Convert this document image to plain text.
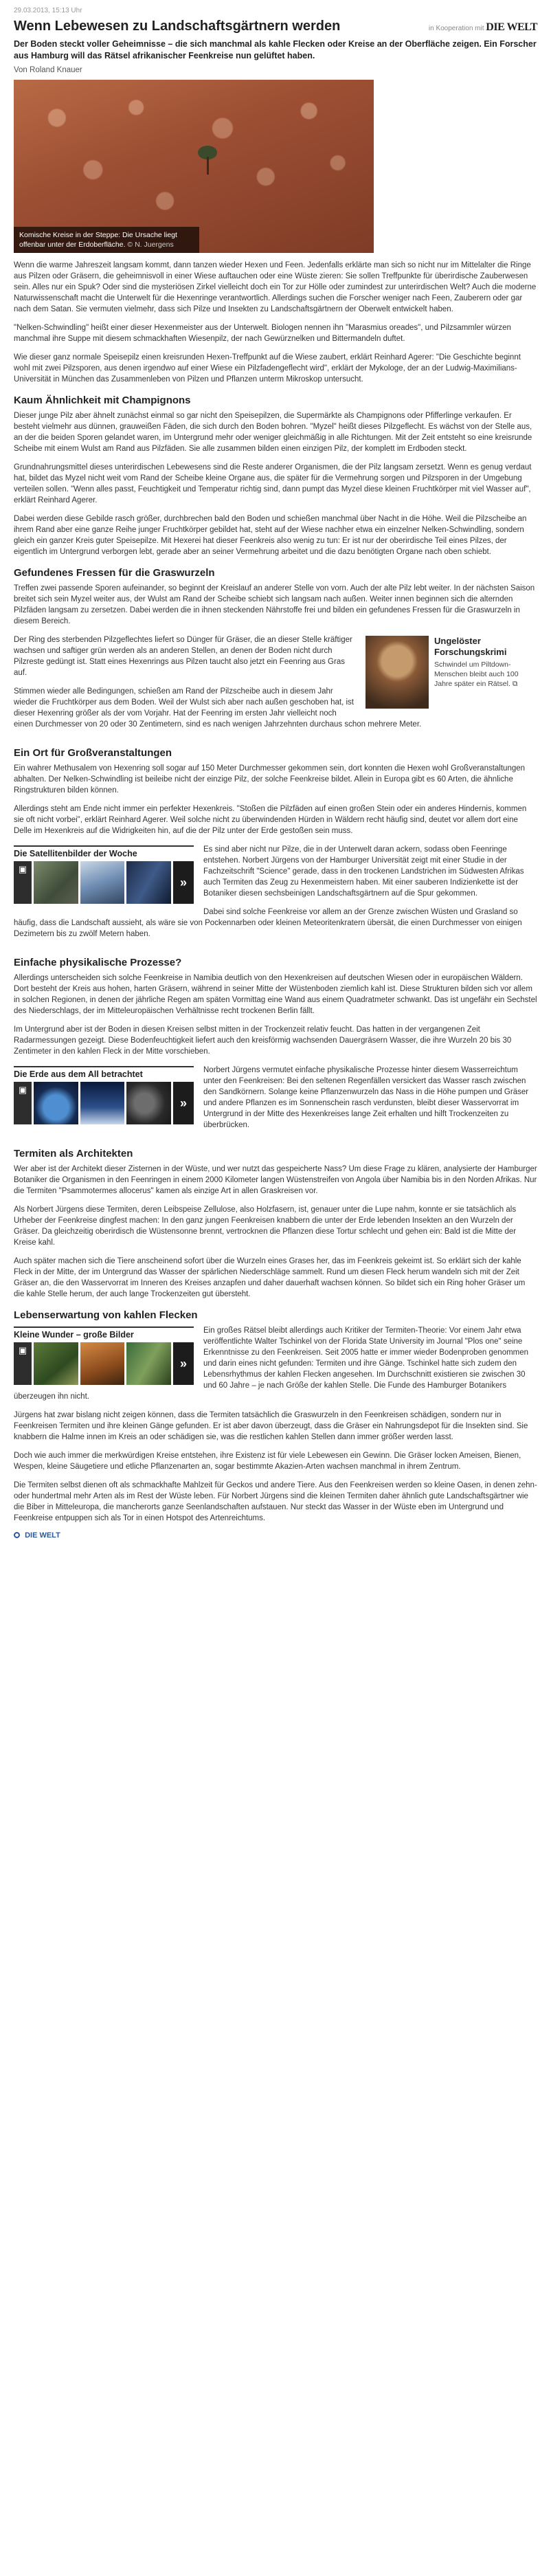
29.03.2013, 15:13 Uhr
Wenn Lebewesen zu Landschaftsgärtnern werden	in Kooperation mit DIE WELT

Der Boden steckt voller Geheimnisse – die sich manchmal als kahle Flecken oder Kreise an der Oberfläche zeigen. Ein Forscher aus Hamburg will das Rätsel afrikanischer Feenkreise nun gelüftet haben.

Von Roland Knauer
Komische Kreise in der Steppe: Die Ursache liegt offenbar unter der Erdoberfläche. © N. Juergens

Wenn die warme Jahreszeit langsam kommt, dann tanzen wieder Hexen und Feen. Jedenfalls erklärte man sich so nicht nur im Mittelalter die Ringe aus Pilzen oder Gräsern, die geheimnisvoll in einer Wiese auftauchen oder eine Wüste zieren: Sie sollen Treffpunkte für überirdische Zauberwesen sein. Alles nur ein Spuk? Oder sind die mysteriösen Zirkel vielleicht doch ein Tor zur Hölle oder zumindest zur unterirdischen Welt? Auch die moderne Naturwissenschaft macht die Unterwelt für die Hexenringe verantwortlich. Allerdings suchen die Forscher weniger nach Feen, Zauberern oder gar nach dem Satan. Sie vermuten vielmehr, dass sich Pilze und Insekten zu Landschaftsgärtnern der Oberwelt entwickelt haben.

"Nelken-Schwindling" heißt einer dieser Hexenmeister aus der Unterwelt. Biologen nennen ihn "Marasmius oreades", und Pilzsammler würzen manchmal ihre Suppe mit diesem schmackhaften Wiesenpilz, der nach Gewürznelken und Bittermandeln duftet.

Wie dieser ganz normale Speisepilz einen kreisrunden Hexen-Treffpunkt auf die Wiese zaubert, erklärt Reinhard Agerer: "Die Geschichte beginnt wohl mit zwei Pilzsporen, aus denen irgendwo auf einer Wiese ein Pilzfadengeflecht wird", erklärt der Mykologe, der an der Ludwig-Maximilians-Universität in München das Zusammenleben von Pilzen und Pflanzen unterm Mikroskop untersucht.

Kaum Ähnlichkeit mit Champignons

Dieser junge Pilz aber ähnelt zunächst einmal so gar nicht den Speisepilzen, die Supermärkte als Champignons oder Pfifferlinge verkaufen. Er besteht vielmehr aus dünnen, grauweißen Fäden, die sich durch den Boden bohren. "Myzel" heißt dieses Pilzgeflecht. Es wächst von der Stelle aus, an der die beiden Sporen gelandet waren, im Untergrund mehr oder weniger gleichmäßig in alle Richtungen. Mit der Zeit entsteht so eine kreisrunde Scheibe mit einem Wulst am Rand aus Pilzfäden. Sie alle zusammen bilden einen einzigen Pilz, der komplett im Erdboden steckt.

Grundnahrungsmittel dieses unterirdischen Lebewesens sind die Reste anderer Organismen, die der Pilz langsam zersetzt. Wenn es genug verdaut hat, bildet das Myzel nicht weit vom Rand der Scheibe kleine Organe aus, die später für die Vermehrung sorgen und Pilzsporen in der Umgebung verteilen sollen. "Wenn alles passt, Feuchtigkeit und Temperatur richtig sind, dann pumpt das Myzel diese kleinen Fruchtkörper mit viel Wasser auf", erklärt Reinhard Agerer.

Dabei werden diese Gebilde rasch größer, durchbrechen bald den Boden und schießen manchmal über Nacht in die Höhe. Weil die Pilzscheibe an ihrem Rand aber eine ganze Reihe junger Fruchtkörper gebildet hat, steht auf der Wiese nachher etwa ein einzelner Nelken-Schwindling, sondern gleich ein ganzer Kreis guter Speisepilze. Mit Hexerei hat dieser Feenkreis also wenig zu tun: Er ist nur der oberirdische Teil eines Pilzes, der eigentlich im Untergrund verborgen lebt, gerade aber an seiner Vermehrung arbeitet und die dazu benötigten Organe nach oben schiebt.

Gefundenes Fressen für die Graswurzeln

Treffen zwei passende Sporen aufeinander, so beginnt der Kreislauf an anderer Stelle von vorn. Auch der alte Pilz lebt weiter. In der nächsten Saison breitet sich sein Myzel weiter aus, der Wulst am Rand der Scheibe schiebt sich langsam nach außen. Weiter innen beginnen sich die alternden Pilzfäden langsam zu zersetzen. Dabei werden die in ihnen steckenden Nährstoffe frei und bilden ein gefundenes Fressen für die Graswurzeln in diesem Bereich.

Ungelöster Forschungskrimi
Schwindel um Piltdown-Menschen bleibt auch 100 Jahre später ein Rätsel. ⧉

Der Ring des sterbenden Pilzgeflechtes liefert so Dünger für Gräser, die an dieser Stelle kräftiger wachsen und saftiger grün werden als an anderen Stellen, an denen der Boden nicht durch Pilzreste gedüngt ist. Statt eines Hexenrings aus Pilzen taucht also jetzt ein Feenring aus Gras auf.

Stimmen wieder alle Bedingungen, schießen am Rand der Pilzscheibe auch in diesem Jahr wieder die Fruchtkörper aus dem Boden. Weil der Wulst sich aber nach außen geschoben hat, ist dieser Hexenring größer als der vom Vorjahr. Hat der Feenring im ersten Jahr vielleicht noch einen Durchmesser von 20 oder 30 Zentimetern, sind es nach wenigen Jahrzehnten durchaus schon mehrere Meter.

Ein Ort für Großveranstaltungen

Ein wahrer Methusalem von Hexenring soll sogar auf 150 Meter Durchmesser gekommen sein, dort konnten die Hexen wohl Großveranstaltungen abhalten. Der Nelken-Schwindling ist beileibe nicht der einzige Pilz, der solche Feenkreise bildet. Allein in Europa gibt es 60 Arten, die ähnliche Ringstrukturen bilden können.

Allerdings steht am Ende nicht immer ein perfekter Hexenkreis. "Stoßen die Pilzfäden auf einen großen Stein oder ein anderes Hindernis, kommen sie oft nicht vorbei", erklärt Reinhard Agerer. Weil solche nicht zu überwindenden Hürden in Wäldern recht häufig sind, deutet vor allem dort eine Delle im Hexenkreis auf die Widrigkeiten hin, auf die der Pilz unter der Erde gestoßen sein muss.

Die Satellitenbilder der Woche
▣
»

Es sind aber nicht nur Pilze, die in der Unterwelt daran ackern, sodass oben Feenringe entstehen. Norbert Jürgens von der Hamburger Universität zeigt mit einer Studie in der Fachzeitschrift "Science" gerade, dass in den trockenen Landstrichen im Südwesten Afrikas auch Termiten das Zeug zu Hexenmeistern haben. Mit einer sauberen Indizienkette ist der Botaniker diesen sechsbeinigen Landschaftsgärtnern auf die Spur gekommen.

Dabei sind solche Feenkreise vor allem an der Grenze zwischen Wüsten und Grasland so häufig, dass die Landschaft aussieht, als wäre sie von Pockennarben oder kleinen Meteoritenkratern übersät, die einen Durchmesser von einigen Dezimetern bis zu zwölf Metern haben.

Einfache physikalische Prozesse?

Allerdings unterscheiden sich solche Feenkreise in Namibia deutlich von den Hexenkreisen auf deutschen Wiesen oder in europäischen Wäldern. Dort besteht der Kreis aus hohen, harten Gräsern, während in seiner Mitte der Wüstenboden ziemlich kahl ist. Diese Strukturen bilden sich vor allem in solchen Regionen, in denen der jährliche Regen am späten Vormittag eine Wand aus einem Quadratmeter schwankt. Das ist ungefähr ein Sechstel des Niederschlags, der im Mitteleuropäischen Verhältnisse recht trockenen Berlin fällt.

Im Untergrund aber ist der Boden in diesen Kreisen selbst mitten in der Trockenzeit relativ feucht. Das hatten in der vergangenen Zeit Radarmessungen gezeigt. Diese Bodenfeuchtigkeit liefert auch den kreisförmig wachsenden Dauergräsern Wasser, die ihre Wurzeln 20 bis 30 Zentimeter in den kahlen Fleck in der Mitte vorschieben.

Die Erde aus dem All betrachtet
▣
»

Norbert Jürgens vermutet einfache physikalische Prozesse hinter diesem Wasserreichtum unter den Feenkreisen: Bei den seltenen Regenfällen versickert das Wasser rasch zwischen den Sandkörnern. Solange keine Pflanzenwurzeln das Nass in die Höhe pumpen und Gräser und andere Pflanzen es im Sonnenschein rasch verdunsten, bleibt dieser Wasservorrat im Untergrund in der Mitte des Hexenkreises lange Zeit erhalten und hilft Trockenzeiten zu überbrücken.

Termiten als Architekten

Wer aber ist der Architekt dieser Zisternen in der Wüste, und wer nutzt das gespeicherte Nass? Um diese Frage zu klären, analysierte der Hamburger Botaniker die Organismen in den Feenringen in einem 2000 Kilometer langen Wüstenstreifen von Angola über Namibia bis in den Norden Afrikas. Nur die Termiten "Psammotermes allocerus" kamen als einzige Art in allen Graskreisen vor.

Als Norbert Jürgens diese Termiten, deren Leibspeise Zellulose, also Holzfasern, ist, genauer unter die Lupe nahm, konnte er sie tatsächlich als Urheber der Feenkreise dingfest machen: In den ganz jungen Feenkreisen knabbern die unter der Erde lebenden Insekten an den Wurzeln der Gräser. Da gleichzeitig oberirdisch die Wüstensonne brennt, vertrocknen die Pflanzen diese Tortur schlecht und gehen ein: Bald ist die Mitte der Kreise kahl.

Auch später machen sich die Tiere anscheinend sofort über die Wurzeln eines Grases her, das im Feenkreis gekeimt ist. So erklärt sich der kahle Fleck in der Mitte, der im Untergrund das Wasser der spärlichen Niederschläge sammelt. Rund um diesen Fleck herum wandeln sich mit der Zeit Gräser an, die den Wasservorrat im Inneren des Kreises anzapfen und daher dauerhaft wachsen können. So bildet sich ein Ring hoher Gräser um die kahle Stelle herum, der auch lange Trockenzeiten gut übersteht.

Lebenserwartung von kahlen Flecken
Kleine Wunder – große Bilder
▣
»

Ein großes Rätsel bleibt allerdings auch Kritiker der Termiten-Theorie: Vor einem Jahr etwa veröffentlichte Walter Tschinkel von der Florida State University im Journal "Plos one" seine Erkenntnisse zu den Feenkreisen. Seit 2005 hatte er immer wieder Bodenproben genommen und darin eines nicht gefunden: Termiten und ihre Gänge. Tschinkel hatte sich zudem den Lebensrhythmus der kahlen Flecken angesehen. Im Durchschnitt existieren sie zwischen 30 und 60 Jahre – je nach Größe der kahlen Stelle. Die Funde des Hamburger Botanikers überzeugen ihn nicht.

Jürgens hat zwar bislang nicht zeigen können, dass die Termiten tatsächlich die Graswurzeln in den Feenkreisen schädigen, sondern nur in Feenkreisen Termiten und ihre kleinen Gänge gefunden. Er ist aber davon überzeugt, dass die Gräser ein Nahrungsdepot für die Insekten sind. Sie knabbern die Halme innen im Kreis an oder schädigen sie, was die restlichen kahlen Stellen dann immer größer werden lasst.

Doch wie auch immer die merkwürdigen Kreise entstehen, ihre Existenz ist für viele Lebewesen ein Gewinn. Die Gräser locken Ameisen, Bienen, Wespen, kleine Säugetiere und etliche Pflanzenarten an, sogar bestimmte Akazien-Arten wachsen manchmal in ihrem Zentrum.

Die Termiten selbst dienen oft als schmackhafte Mahlzeit für Geckos und andere Tiere. Aus den Feenkreisen werden so kleine Oasen, in denen zehn- oder hundertmal mehr Arten als im Rest der Wüste leben. Für Norbert Jürgens sind die kleinen Termiten daher ähnlich gute Landschaftsgärtner wie die Biber in Mitteleuropa, die mancherorts ganze Seenlandschaften aufstauen. Nur steckt das Wasser in der Wüste eben im Untergrund und Feenkreise entpuppen sich als Tor in einen Hotspot des Artenreichtums.

DIE WELT
